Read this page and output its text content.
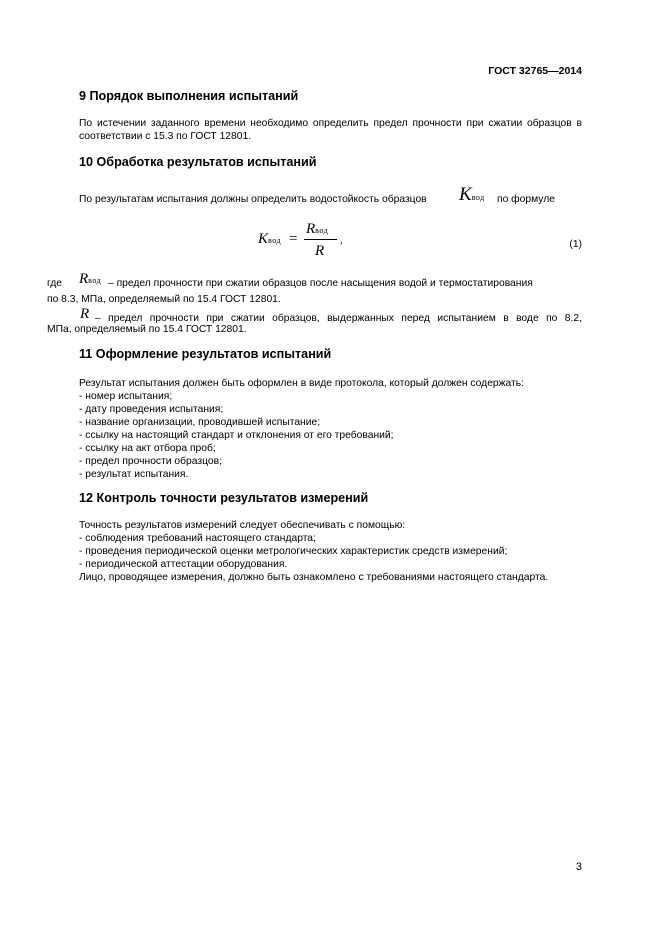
ГОСТ 32765—2014
9 Порядок выполнения испытаний
По истечении заданного времени необходимо определить предел прочности при сжатии образцов в соответствии с 15.3 по ГОСТ 12801.
10 Обработка результатов испытаний
По результатам испытания должны определить водостойкость образцов Kвод по формуле
Kвод =
Rвод
R
,	(1)
где Rвод – предел прочности при сжатии образцов после насыщения водой и термостатирования
по 8.3, МПа, определяемый по 15.4 ГОСТ 12801.
R – предел прочности при сжатии образцов, выдержанных перед испытанием в воде по 8.2,
МПа, определяемый по 15.4 ГОСТ 12801.
11 Оформление результатов испытаний
Результат испытания должен быть оформлен в виде протокола, который должен содержать:
- номер испытания;
- дату проведения испытания;
- название организации, проводившей испытание;
- ссылку на настоящий стандарт и отклонения от его требований;
- ссылку на акт отбора проб;
- предел прочности образцов;
- результат испытания.
12 Контроль точности результатов измерений
Точность результатов измерений следует обеспечивать с помощью:
- соблюдения требований настоящего стандарта;
- проведения периодической оценки метрологических характеристик средств измерений;
- периодической аттестации оборудования.
Лицо, проводящее измерения, должно быть ознакомлено с требованиями настоящего стандарта.
3
